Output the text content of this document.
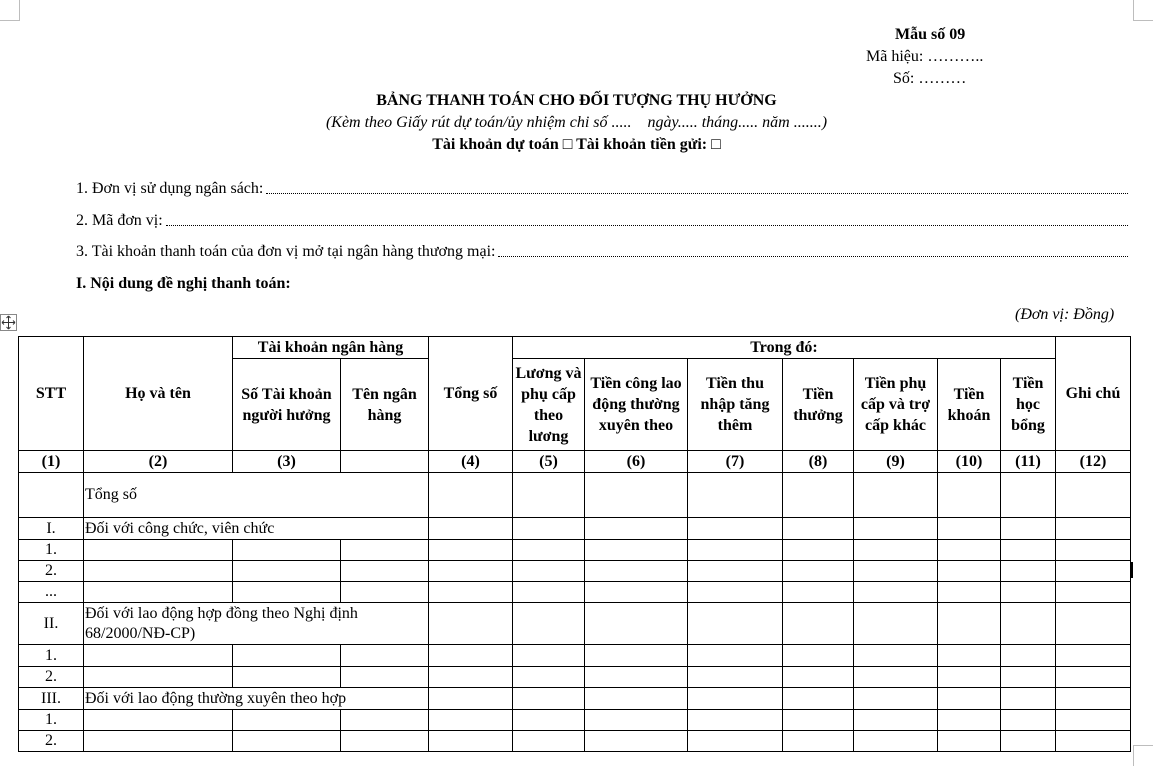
Mẫu số 09
Mã hiệu: ………..
Số: ………
BẢNG THANH TOÁN CHO ĐỐI TƯỢNG THỤ HƯỞNG
(Kèm theo Giấy rút dự toán/ủy nhiệm chi số .....    ngày..... tháng..... năm .......)
Tài khoản dự toán □ Tài khoản tiền gửi: □
1. Đơn vị sử dụng ngân sách:
2. Mã đơn vị:
3. Tài khoản thanh toán của đơn vị mở tại ngân hàng thương mại:
I. Nội dung đề nghị thanh toán:
(Đơn vị: Đồng)
STT	Họ và tên	Tài khoản ngân hàng		Tổng số	Trong đó:							Ghi chú
		Số Tài khoản người hưởng	Tên ngân hàng		Lương và phụ cấp theo lương	Tiền công lao động thường xuyên theo	Tiền thu nhập tăng thêm	Tiền thưởng	Tiền phụ cấp và trợ cấp khác	Tiền khoán	Tiền học bổng	
(1)	(2)	(3)		(4)	(5)	(6)	(7)	(8)	(9)	(10)	(11)	(12)
	Tổng số											
I.	Đối với công chức, viên chức											
1.												
2.												
...												
II.	Đối với lao động hợp đồng theo Nghị định 68/2000/NĐ-CP)											
1.												
2.												
III.	Đối với lao động thường xuyên theo hợp											
1.												
2.												
